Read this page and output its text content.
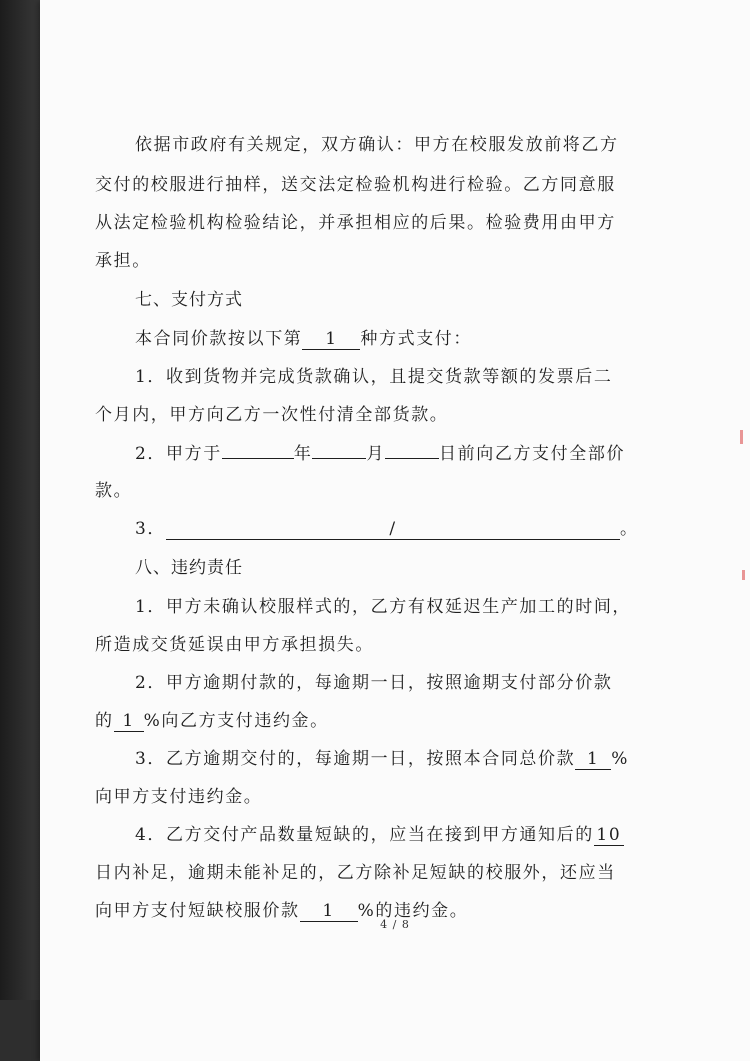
依据市政府有关规定，双方确认：甲方在校服发放前将乙方
交付的校服进行抽样，送交法定检验机构进行检验。乙方同意服
从法定检验机构检验结论，并承担相应的后果。检验费用由甲方
承担。
七、支付方式
本合同价款按以下第 1 种方式支付：
1．收到货物并完成货款确认，且提交货款等额的发票后二
个月内，甲方向乙方一次性付清全部货款。
2．甲方于	年	月	日前向乙方支付全部价
款。
3．	/	。
八、违约责任
1．甲方未确认校服样式的，乙方有权延迟生产加工的时间，
所造成交货延误由甲方承担损失。
2．甲方逾期付款的，每逾期一日，按照逾期支付部分价款
的 1 %向乙方支付违约金。
3．乙方逾期交付的，每逾期一日，按照本合同总价款 1 %
向甲方支付违约金。
4．乙方交付产品数量短缺的，应当在接到甲方通知后的 10
日内补足，逾期未能补足的，乙方除补足短缺的校服外，还应当
向甲方支付短缺校服价款 1 %的违约金。
4 / 8
